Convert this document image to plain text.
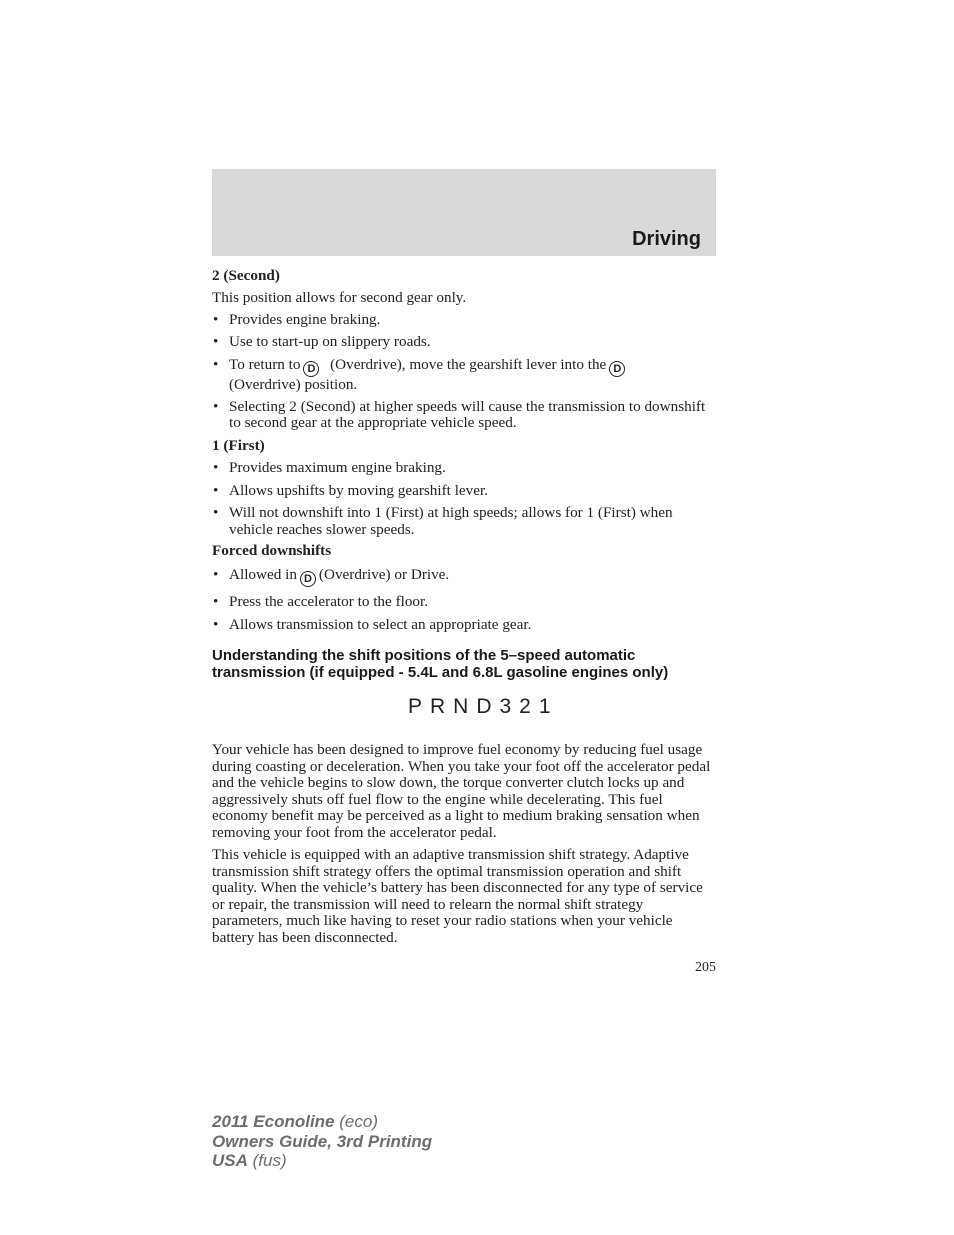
Driving

2 (Second)

This position allows for second gear only.

• Provides engine braking.
• Use to start-up on slippery roads.
• To return to D (Overdrive), move the gearshift lever into the D
(Overdrive) position.
• Selecting 2 (Second) at higher speeds will cause the transmission to downshift to second gear at the appropriate vehicle speed.

1 (First)

• Provides maximum engine braking.
• Allows upshifts by moving gearshift lever.
• Will not downshift into 1 (First) at high speeds; allows for 1 (First) when vehicle reaches slower speeds.

Forced downshifts

• Allowed in D (Overdrive) or Drive.
• Press the accelerator to the floor.
• Allows transmission to select an appropriate gear.
Understanding the shift positions of the 5–speed automatic
transmission (if equipped - 5.4L and 6.8L gasoline engines only)
PRND321

Your vehicle has been designed to improve fuel economy by reducing fuel usage during coasting or deceleration. When you take your foot off the accelerator pedal and the vehicle begins to slow down, the torque converter clutch locks up and aggressively shuts off fuel flow to the engine while decelerating. This fuel economy benefit may be perceived as a light to medium braking sensation when removing your foot from the accelerator pedal.

This vehicle is equipped with an adaptive transmission shift strategy. Adaptive transmission shift strategy offers the optimal transmission operation and shift quality. When the vehicle’s battery has been disconnected for any type of service or repair, the transmission will need to relearn the normal shift strategy parameters, much like having to reset your radio stations when your vehicle battery has been disconnected.

205
2011 Econoline (eco)
Owners Guide, 3rd Printing
USA (fus)
